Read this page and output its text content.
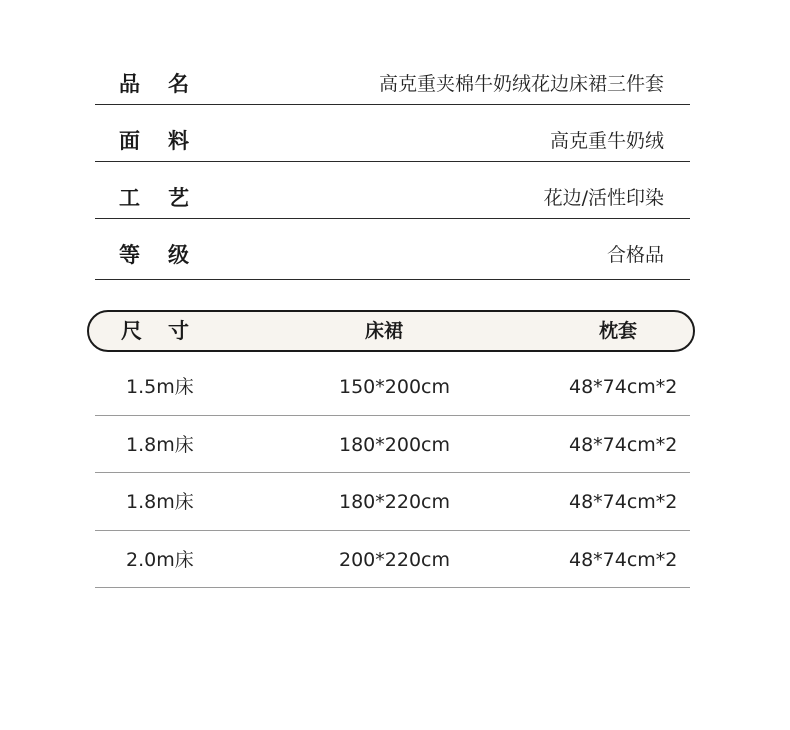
品 名	高克重夹棉牛奶绒花边床裙三件套
面 料	高克重牛奶绒
工 艺	花边/活性印染
等 级	合格品
尺 寸	床裙	枕套
1.5m床	150*200cm	48*74cm*2
1.8m床	180*200cm	48*74cm*2
1.8m床	180*220cm	48*74cm*2
2.0m床	200*220cm	48*74cm*2
